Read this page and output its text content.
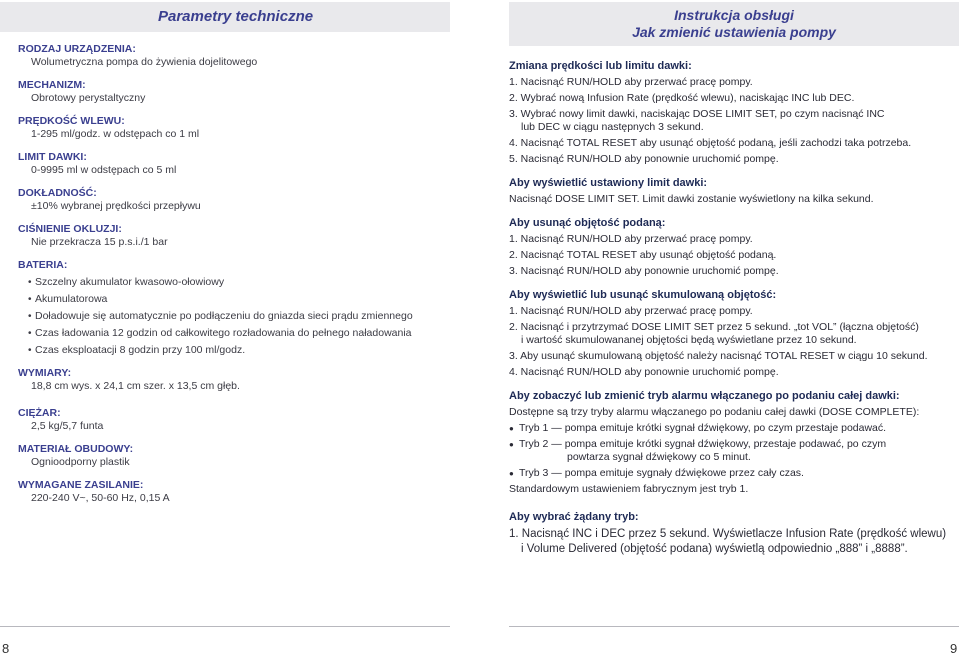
Parametry techniczne	Instrukcja obsługi
Jak zmienić ustawienia pompy
RODZAJ URZĄDZENIA:
Wolumetryczna pompa do żywienia dojelitowego
MECHANIZM:
Obrotowy perystaltyczny
PRĘDKOŚĆ WLEWU:
1-295 ml/godz. w odstępach co 1 ml
LIMIT DAWKI:
0-9995 ml w odstępach co 5 ml
DOKŁADNOŚĆ:
±10% wybranej prędkości przepływu
CIŚNIENIE OKLUZJI:
Nie przekracza 15 p.s.i./1 bar
BATERIA:
• Szczelny akumulator kwasowo-ołowiowy
• Akumulatorowa
• Doładowuje się automatycznie po podłączeniu do gniazda sieci prądu zmiennego
• Czas ładowania 12 godzin od całkowitego rozładowania do pełnego naładowania
• Czas eksploatacji 8 godzin przy 100 ml/godz.
WYMIARY:
18,8 cm wys. x 24,1 cm szer. x 13,5 cm głęb.
CIĘŻAR:
2,5 kg/5,7 funta
MATERIAŁ OBUDOWY:
Ognioodporny plastik
WYMAGANE ZASILANIE:
220-240 V~, 50-60 Hz, 0,15 A
Zmiana prędkości lub limitu dawki:
1. Nacisnąć RUN/HOLD aby przerwać pracę pompy.
2. Wybrać nową Infusion Rate (prędkość wlewu), naciskając INC lub DEC.
3. Wybrać nowy limit dawki, naciskając DOSE LIMIT SET, po czym nacisnąć INC
lub DEC w ciągu następnych 3 sekund.
4. Nacisnąć TOTAL RESET aby usunąć objętość podaną, jeśli zachodzi taka potrzeba.
5. Nacisnąć RUN/HOLD aby ponownie uruchomić pompę.
Aby wyświetlić ustawiony limit dawki:
Nacisnąć DOSE LIMIT SET. Limit dawki zostanie wyświetlony na kilka sekund.
Aby usunąć objętość podaną:
1. Nacisnąć RUN/HOLD aby przerwać pracę pompy.
2. Nacisnąć TOTAL RESET aby usunąć objętość podaną.
3. Nacisnąć RUN/HOLD aby ponownie uruchomić pompę.
Aby wyświetlić lub usunąć skumulowaną objętość:
1. Nacisnąć RUN/HOLD aby przerwać pracę pompy.
2. Nacisnąć i przytrzymać DOSE LIMIT SET przez 5 sekund. „tot VOL” (łączna objętość)
i wartość skumulowananej objętości będą wyświetlane przez 10 sekund.
3. Aby usunąć skumulowaną objętość należy nacisnąć TOTAL RESET w ciągu 10 sekund.
4. Nacisnąć RUN/HOLD aby ponownie uruchomić pompę.
Aby zobaczyć lub zmienić tryb alarmu włączanego po podaniu całej dawki:
Dostępne są trzy tryby alarmu włączanego po podaniu całej dawki (DOSE COMPLETE):
● Tryb 1 — pompa emituje krótki sygnał dźwiękowy, po czym przestaje podawać.
● Tryb 2 — pompa emituje krótki sygnał dźwiękowy, przestaje podawać, po czym
powtarza sygnał dźwiękowy co 5 minut.
● Tryb 3 — pompa emituje sygnały dźwiękowe przez cały czas.
Standardowym ustawieniem fabrycznym jest tryb 1.
Aby wybrać żądany tryb:
1. Nacisnąć INC i DEC przez 5 sekund. Wyświetlacze Infusion Rate (prędkość wlewu)
i Volume Delivered (objętość podana) wyświetlą odpowiednio „888” i „8888”.
8	9
